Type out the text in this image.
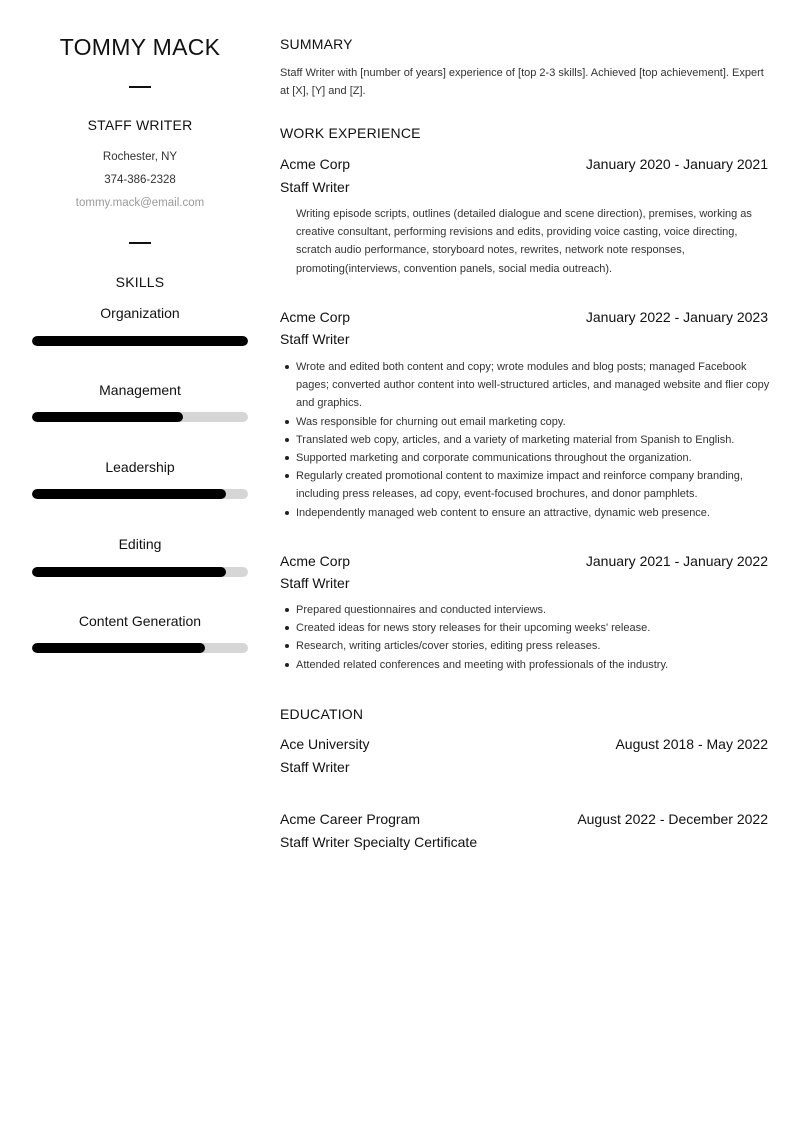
TOMMY MACK
STAFF WRITER
Rochester, NY
374-386-2328
tommy.mack@email.com
SKILLS
Organization
Management
Leadership
Editing
Content Generation
SUMMARY
Staff Writer with [number of years] experience of [top 2-3 skills]. Achieved [top achievement]. Expert at [X], [Y] and [Z].
WORK EXPERIENCE
Acme Corp	January 2020 - January 2021
Staff Writer
Writing episode scripts, outlines (detailed dialogue and scene direction), premises, working as creative consultant, performing revisions and edits, providing voice casting, voice directing, scratch audio performance, storyboard notes, rewrites, network note responses, promoting(interviews, convention panels, social media outreach).
Acme Corp	January 2022 - January 2023
Staff Writer
Wrote and edited both content and copy; wrote modules and blog posts; managed Facebook pages; converted author content into well-structured articles, and managed website and flier copy and graphics.
Was responsible for churning out email marketing copy.
Translated web copy, articles, and a variety of marketing material from Spanish to English.
Supported marketing and corporate communications throughout the organization.
Regularly created promotional content to maximize impact and reinforce company branding, including press releases, ad copy, event-focused brochures, and donor pamphlets.
Independently managed web content to ensure an attractive, dynamic web presence.
Acme Corp	January 2021 - January 2022
Staff Writer
Prepared questionnaires and conducted interviews.
Created ideas for news story releases for their upcoming weeks' release.
Research, writing articles/cover stories, editing press releases.
Attended related conferences and meeting with professionals of the industry.
EDUCATION
Ace University	August 2018 - May 2022
Staff Writer
Acme Career Program	August 2022 - December 2022
Staff Writer Specialty Certificate
